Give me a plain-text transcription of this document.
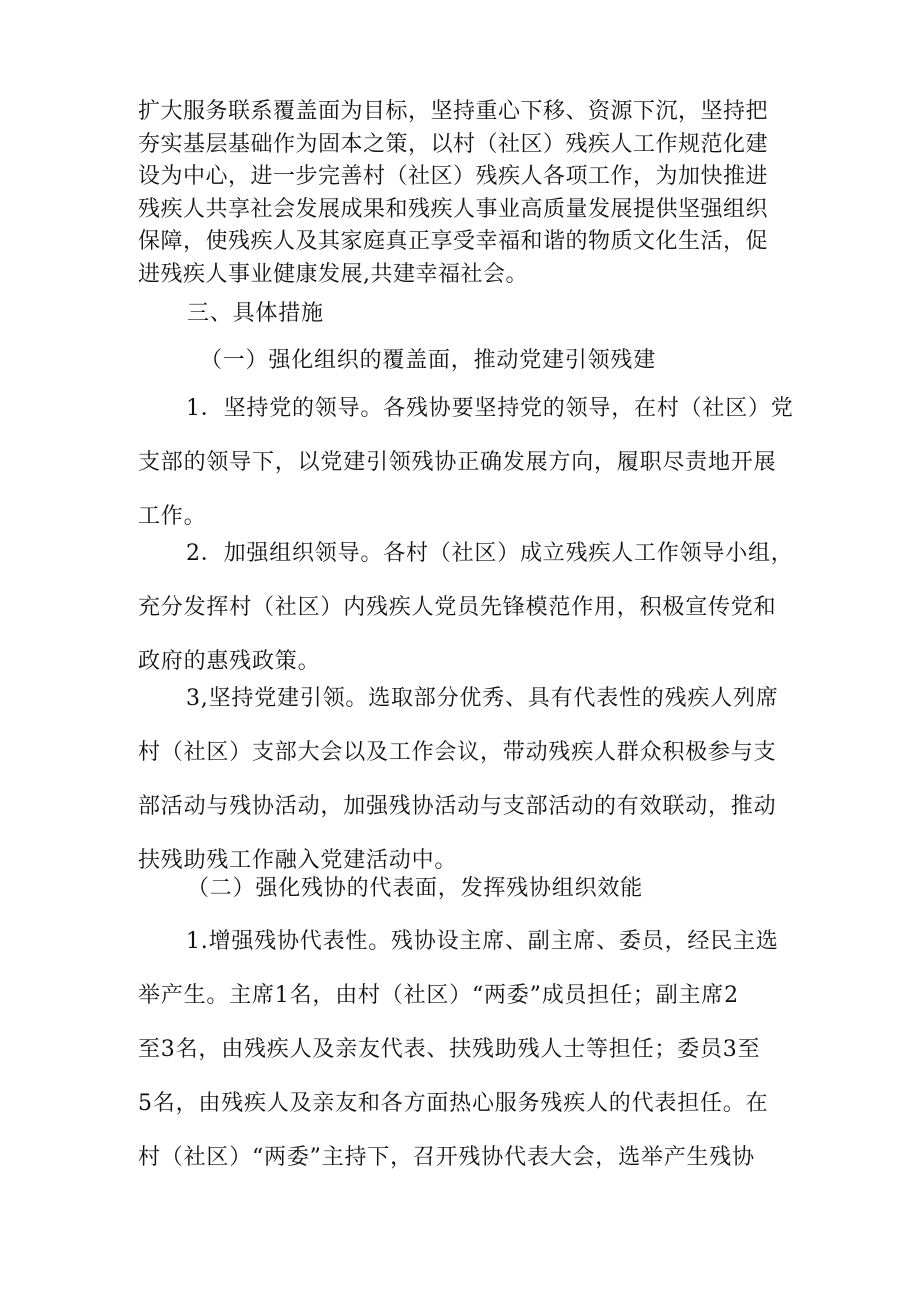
扩大服务联系覆盖面为目标，坚持重心下移、资源下沉，坚持把
夯实基层基础作为固本之策，以村（社区）残疾人工作规范化建
设为中心，进一步完善村（社区）残疾人各项工作，为加快推进
残疾人共享社会发展成果和残疾人事业高质量发展提供坚强组织
保障，使残疾人及其家庭真正享受幸福和谐的物质文化生活，促
进残疾人事业健康发展,共建幸福社会。
三、具体措施
（一）强化组织的覆盖面，推动党建引领残建
1．坚持党的领导。各残协要坚持党的领导，在村（社区）党
支部的领导下，以党建引领残协正确发展方向，履职尽责地开展
工作。
2．加强组织领导。各村（社区）成立残疾人工作领导小组，
充分发挥村（社区）内残疾人党员先锋模范作用，积极宣传党和
政府的惠残政策。
3,坚持党建引领。选取部分优秀、具有代表性的残疾人列席
村（社区）支部大会以及工作会议，带动残疾人群众积极参与支
部活动与残协活动，加强残协活动与支部活动的有效联动，推动
扶残助残工作融入党建活动中。
（二）强化残协的代表面，发挥残协组织效能
1.增强残协代表性。残协设主席、副主席、委员，经民主选
举产生。主席1名，由村（社区）“两委”成员担任；副主席2
至3名，由残疾人及亲友代表、扶残助残人士等担任；委员3至
5名，由残疾人及亲友和各方面热心服务残疾人的代表担任。在
村（社区）“两委”主持下，召开残协代表大会，选举产生残协
